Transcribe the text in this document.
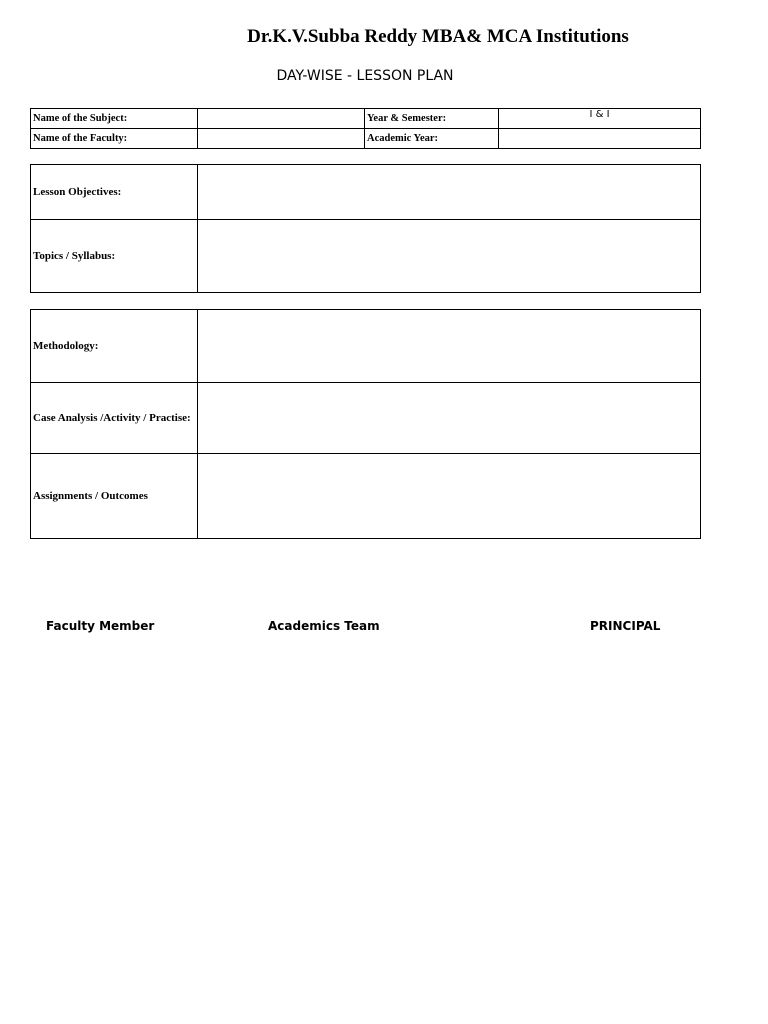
Dr.K.V.Subba Reddy MBA& MCA Institutions
DAY-WISE - LESSON PLAN
Name of the Subject:		Year & Semester:	I & I
Name of the Faculty:		Academic Year:	
Lesson Objectives:	
Topics / Syllabus:	
Methodology:	
Case Analysis /Activity / Practise:	
Assignments / Outcomes	
Faculty Member	Academics Team	PRINCIPAL
